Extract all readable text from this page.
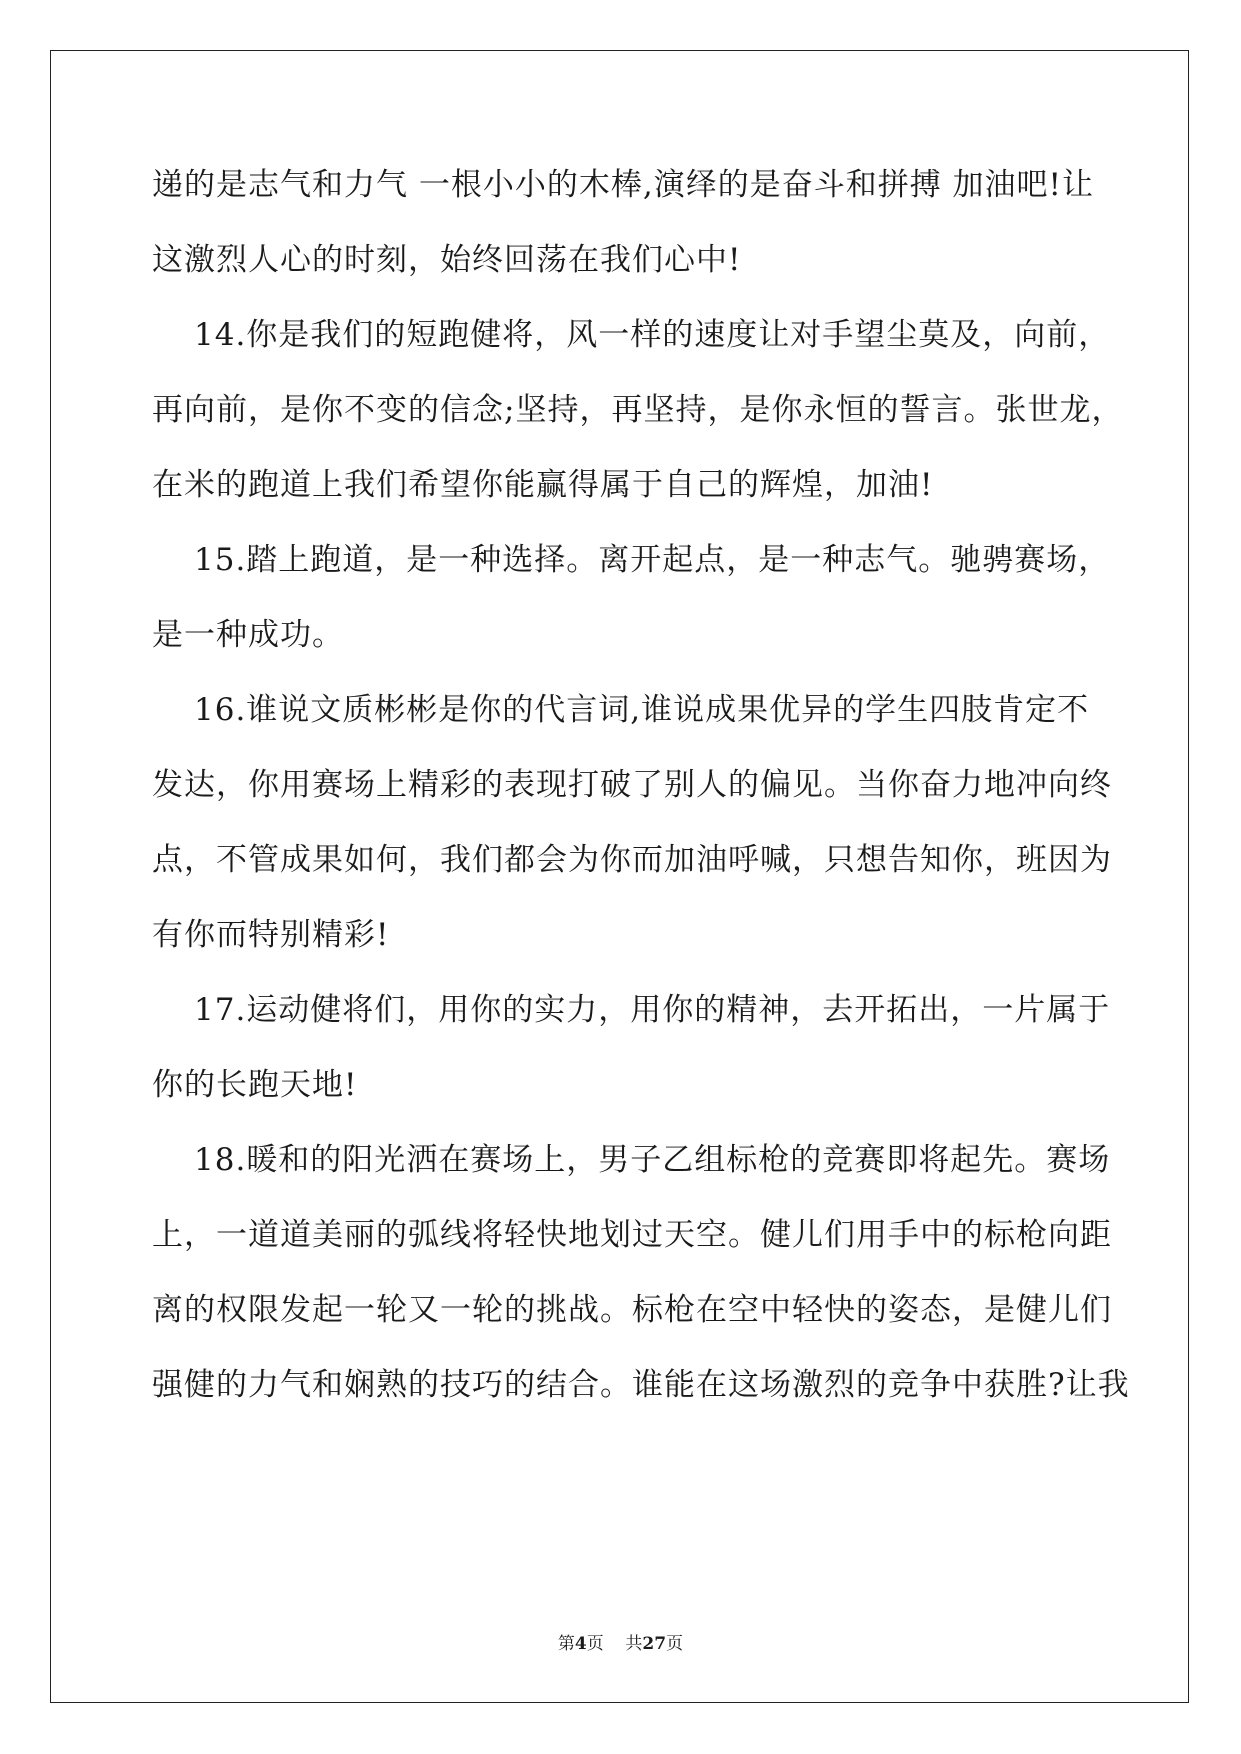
递的是志气和力气 一根小小的木棒,演绎的是奋斗和拼搏 加油吧!让
这激烈人心的时刻，始终回荡在我们心中!
14.你是我们的短跑健将，风一样的速度让对手望尘莫及，向前，
再向前，是你不变的信念;坚持，再坚持，是你永恒的誓言。张世龙，
在米的跑道上我们希望你能赢得属于自己的辉煌，加油!
15.踏上跑道，是一种选择。离开起点，是一种志气。驰骋赛场，
是一种成功。
16.谁说文质彬彬是你的代言词,谁说成果优异的学生四肢肯定不
发达，你用赛场上精彩的表现打破了别人的偏见。当你奋力地冲向终
点，不管成果如何，我们都会为你而加油呼喊，只想告知你，班因为
有你而特别精彩!
17.运动健将们，用你的实力，用你的精神，去开拓出，一片属于
你的长跑天地!
18.暖和的阳光洒在赛场上，男子乙组标枪的竞赛即将起先。赛场
上，一道道美丽的弧线将轻快地划过天空。健儿们用手中的标枪向距
离的权限发起一轮又一轮的挑战。标枪在空中轻快的姿态，是健儿们
强健的力气和娴熟的技巧的结合。谁能在这场激烈的竞争中获胜?让我
第4页 共27页
